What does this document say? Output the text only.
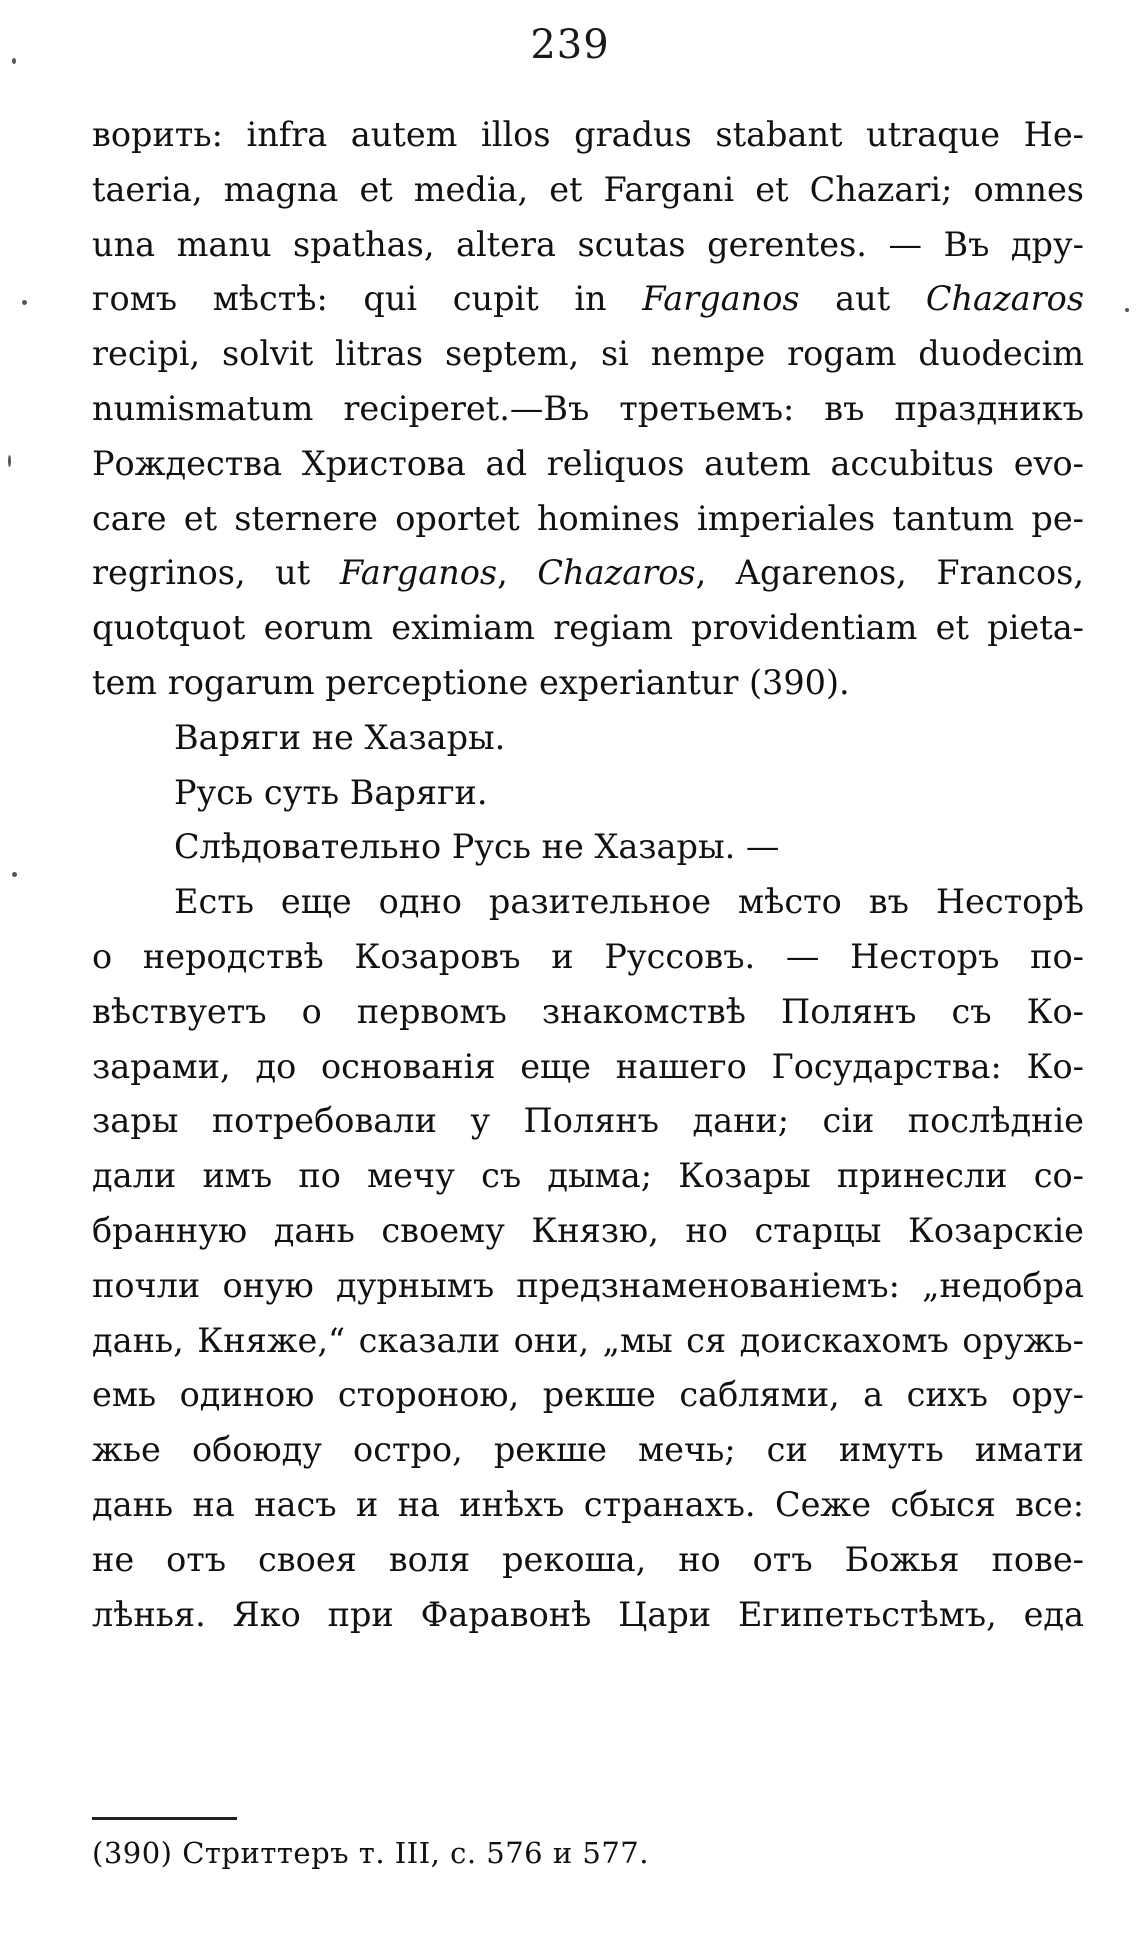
239
ворить: infra autem illos gradus stabant utraque He-
taeria, magna et media, et Fargani et Chazari; omnes
una manu spathas, altera scutas gerentes. — Въ дру-
гомъ мѣстѣ: qui cupit in Farganos aut Chazaros
recipi, solvit litras septem, si nempe rogam duodecim
numismatum reciperet.—Въ третьемъ: въ праздникъ
Рождества Христова ad reliquos autem accubitus evo-
care et sternere oportet homines imperiales tantum pe-
regrinos, ut Farganos, Chazaros, Agarenos, Francos,
quotquot eorum eximiam regiam providentiam et pieta-
tem rogarum perceptione experiantur (390).
Варяги не Хазары.
Русь суть Варяги.
Слѣдовательно Русь не Хазары. —
Есть еще одно разительное мѣсто въ Несторѣ
о неродствѣ Козаровъ и Руссовъ. — Несторъ по-
вѣствуетъ о первомъ знакомствѣ Полянъ съ Ко-
зарами, до основанія еще нашего Государства: Ко-
зары потребовали у Полянъ дани; сіи послѣдніе
дали имъ по мечу съ дыма; Козары принесли со-
бранную дань своему Князю, но старцы Козарскіе
почли оную дурнымъ предзнаменованіемъ: „недобра
дань, Княже,“ сказали они, „мы ся доискахомъ оружь-
емь одиною стороною, рекше саблями, а сихъ ору-
жье обоюду остро, рекше мечь; си имуть имати
дань на насъ и на инѣхъ странахъ. Сеже сбыся все:
не отъ своея воля рекоша, но отъ Божья пове-
лѣнья. Яко при Фаравонѣ Цари Египетьстѣмъ, еда
(390) Стриттеръ т. III, с. 576 и 577.
